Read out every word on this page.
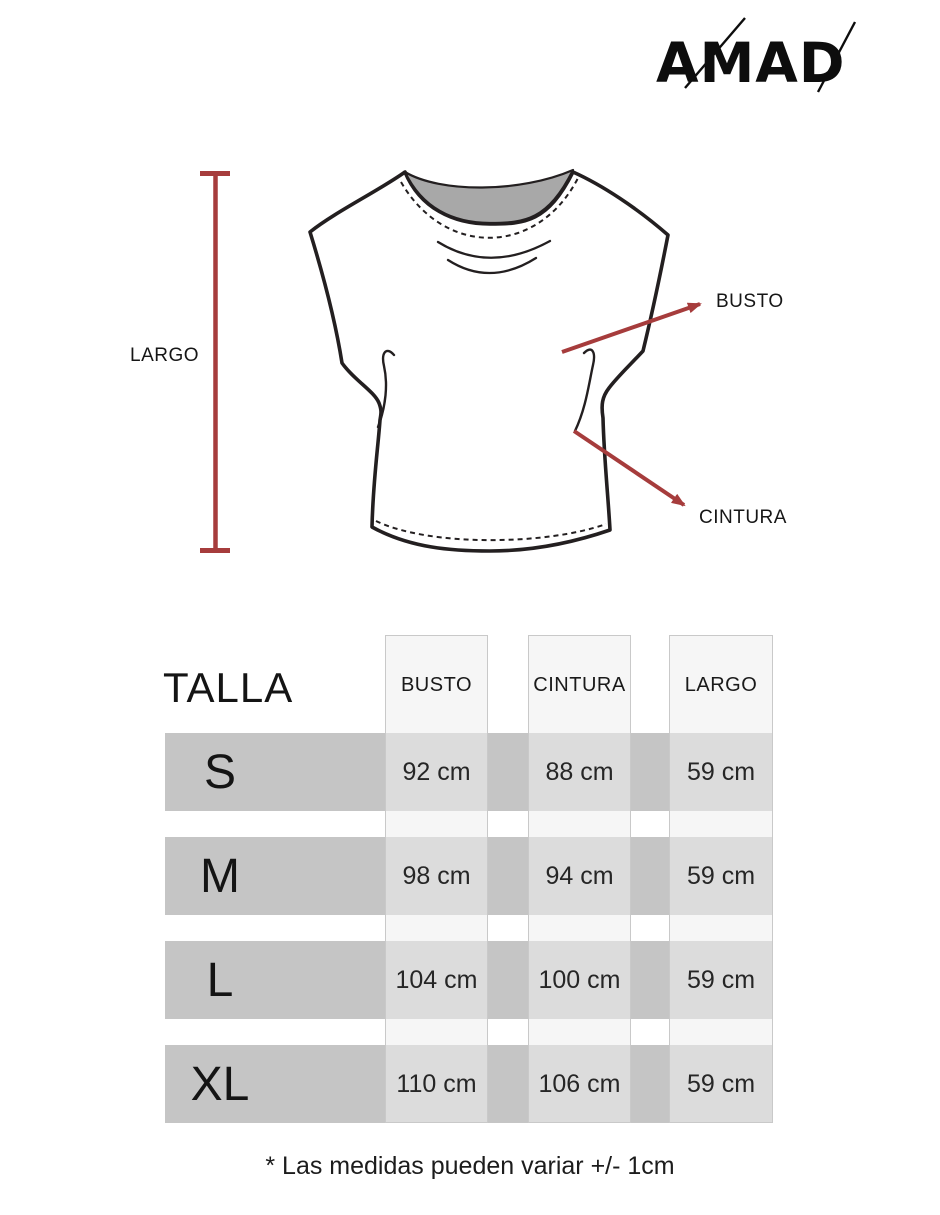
AMAD
LARGO
BUSTO
CINTURA
TALLA	BUSTO	CINTURA	LARGO
S	92 cm	88 cm	59 cm
M	98 cm	94 cm	59 cm
L	104 cm	100 cm	59 cm
XL	110 cm	106 cm	59 cm
* Las medidas pueden variar +/- 1cm
